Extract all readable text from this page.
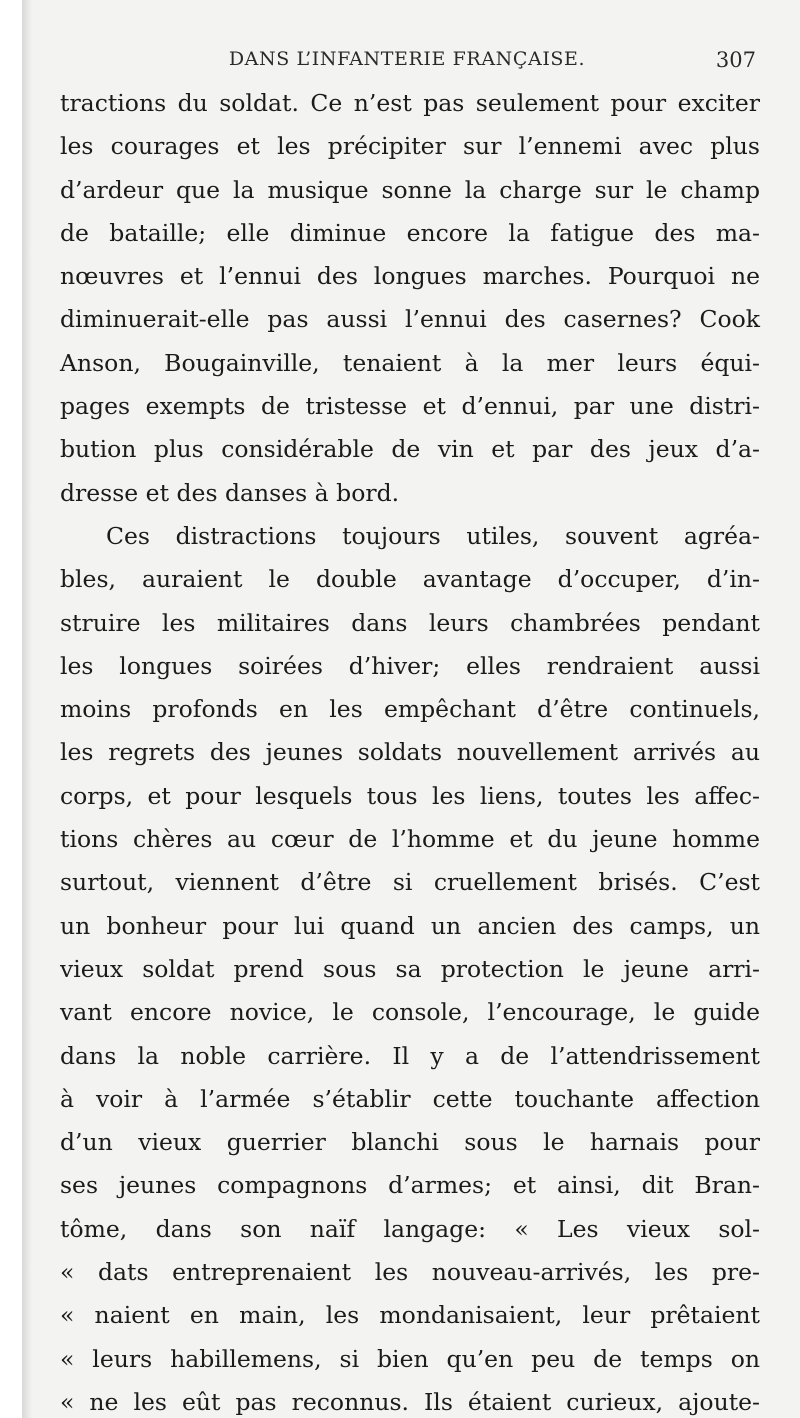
DANS L’INFANTERIE FRANÇAISE.	307
tractions du soldat. Ce n’est pas seulement pour exciter
les courages et les précipiter sur l’ennemi avec plus
d’ardeur que la musique sonne la charge sur le champ
de bataille; elle diminue encore la fatigue des ma-
nœuvres et l’ennui des longues marches. Pourquoi ne
diminuerait-elle pas aussi l’ennui des casernes? Cook
Anson, Bougainville, tenaient à la mer leurs équi-
pages exempts de tristesse et d’ennui, par une distri-
bution plus considérable de vin et par des jeux d’a-
dresse et des danses à bord.
Ces distractions toujours utiles, souvent agréa-
bles, auraient le double avantage d’occuper, d’in-
struire les militaires dans leurs chambrées pendant
les longues soirées d’hiver; elles rendraient aussi
moins profonds en les empêchant d’être continuels,
les regrets des jeunes soldats nouvellement arrivés au
corps, et pour lesquels tous les liens, toutes les affec-
tions chères au cœur de l’homme et du jeune homme
surtout, viennent d’être si cruellement brisés. C’est
un bonheur pour lui quand un ancien des camps, un
vieux soldat prend sous sa protection le jeune arri-
vant encore novice, le console, l’encourage, le guide
dans la noble carrière. Il y a de l’attendrissement
à voir à l’armée s’établir cette touchante affection
d’un vieux guerrier blanchi sous le harnais pour
ses jeunes compagnons d’armes; et ainsi, dit Bran-
tôme, dans son naïf langage: « Les vieux sol-
« dats entreprenaient les nouveau-arrivés, les pre-
« naient en main, les mondanisaient, leur prêtaient
« leurs habillemens, si bien qu’en peu de temps on
« ne les eût pas reconnus. Ils étaient curieux, ajoute-
